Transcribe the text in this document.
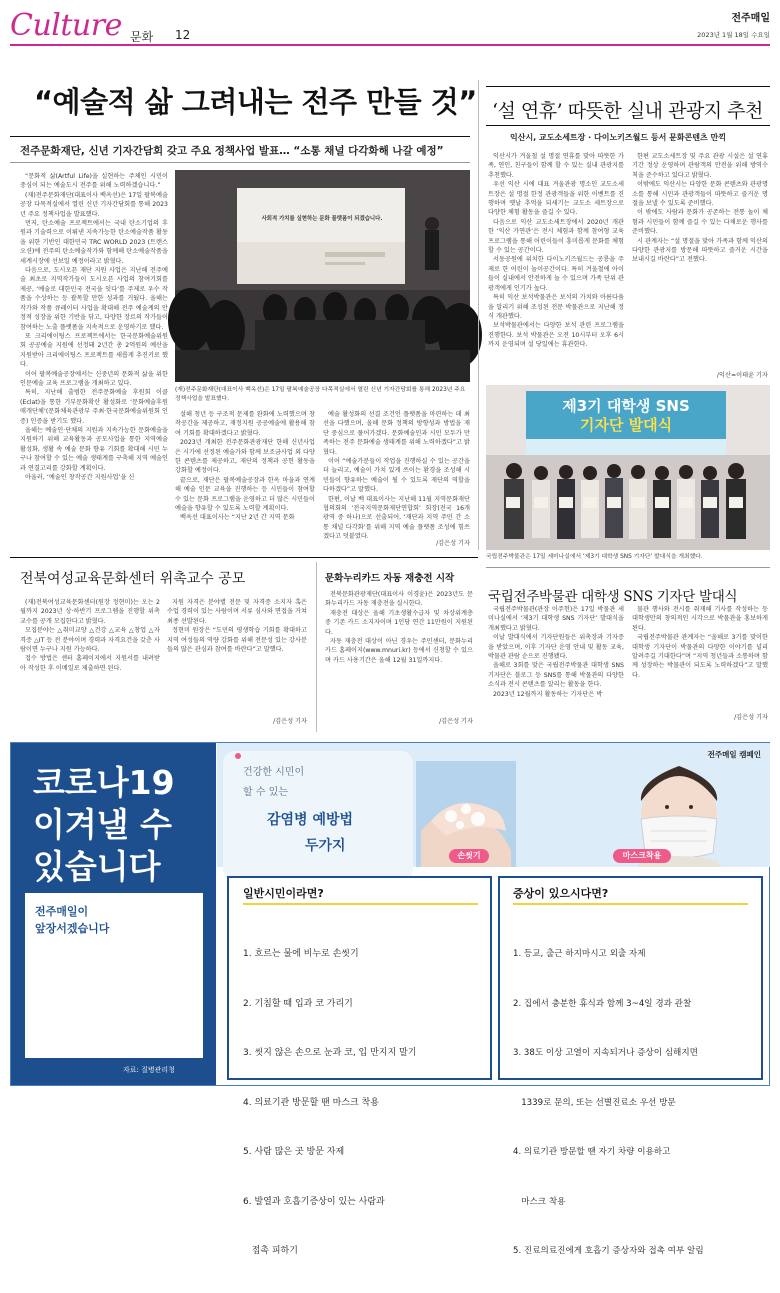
Culture 문화 12
전주매일
2023년 1월 18일 수요일
“예술적 삶 그려내는 전주 만들 것”
전주문화재단, 신년 기자간담회 갖고 주요 정책사업 발표… “소통 채널 다각화해 나갈 예정”

“문화적 삶(Artful Life)을 실현하는 주체인 시민이 중심이 되는 예술도시 전주를 위해 노력하겠습니다.”

(재)전주문화재단(대표이사 백옥선)은 17일 팔복예술공장 다목적실에서 열린 신년 기자간담회를 통해 2023년 주요 정책사업을 발표했다.

먼저, 탄소예술 프로젝트에서는 국내 탄소기업의 후원과 기술력으로 이뤄낸 지속가능한 탄소예술작품 활동을 위한 기반인 대한민국 TRC WORLD 2023 (트랜스 오션)에 전주의 탄소예술작가와 함께해 탄소예술작품을 세계시장에 선보일 예정이라고 밝혔다.

다음으로, 도시오픈 재단 지원 사업은 지난해 전주예술 최초로 지역작가들이 도시오픈 사업의 참여기회를 제공, ‘예술로 대한민국 전국을 잇다’를 주제로 우수 작품을 수상하는 등 괄목할 만한 성과를 거뒀다. 올해는 작가와 작품 큐레이터 사업을 확대해 전주 예술계의 안정적 성장을 위한 기반을 닦고, 다양한 장르의 작가들이 참여하는 노출 플랫폼을 지속적으로 운영하기로 했다.

또 크리에이팅스 프로젝트에서는 한국문화예술위원회 공공예술 지원에 선정돼 2년간 총 2억원의 예산을 지원받아 크리에이팅스 프로젝트를 새롭게 추진키로 했다.

이어 팔복예술공장에서는 신중년의 문화적 삶을 위한 인문예술 교육 프로그램을 개최하고 있다.

특히, 지난해 출범한 전주문화예술 후원회 이클 (Eclat)을 통한 기부문화확산 활성화로 ‘문화예술후원 매개단체’(문화체육관광부 주최·한국문화예술위원회 인증) 인증을 받기도 했다.

올해는 예술인·단체의 지원과 지속가능한 문화예술을 지원하기 위해 교육활동과 공모사업을 통한 지역예술 활성화, 생활 속 예술 문화 향유 기회를 확대해 시민 누구나 참여할 수 있는 예술 생태계를 구축해 지역 예술인과 연결고리를 강화할 계획이다.

아울러, ‘예술인 창작공간 지원사업’을 신

사회적 가치를 실현하는 문화 플랫폼이 되겠습니다.
(재)전주문화재단(대표이사 백옥선)은 17일 팔복예술공장 다목적실에서 열린 신년 기자간담회를 통해 2023년 주요 정책사업을 발표했다.

설해 청년 등 구조적 문제를 완화에 노력했으며 창작공간을 제공하고, 재정지원 공공예술에 활용해 참여 기회를 확대하겠다고 밝혔다.

2023년 개최한 전주문화관광재단 한해 신년사업은 시가에 선정된 예술가와 함께 보조금사업 외 다양한 콘텐츠를 제공하고, 재단의 정책과 공헌 활동을 강화할 예정이다.

끝으로, 재단은 팔복예술공장과 한옥 마을과 연계해 예술 인문 교육을 진행하는 등 시민들이 참여할 수 있는 문화 프로그램을 운영하고 더 많은 시민들이 예술을 향유할 수 있도록 노력할 계획이다.

백옥선 대표이사는 “지난 2년 간 지역 문화

예술 활성화의 선결 조건인 플랫폼을 마련하는 데 최선을 다했으며, 올해 문화 정책의 방향성과 방법을 재단 중심으로 풀어가겠다. 문화예술인과 시민 모두가 만족하는 전주 문화예술 생태계를 위해 노력하겠다”고 밝혔다.

이어 “예술가분들이 작업을 진행하실 수 있는 공간을 더 늘리고, 예술이 가치 있게 쓰이는 환경을 조성해 시민들이 향유하는 예술이 될 수 있도록 재단의 역할을 다하겠다”고 말했다.

한편, 이날 백 대표이사는 지난해 11월 지역문화재단 협의회의 ‘전국지역문화재단연합회’ 회장(전국 16개 광역 중 하나)으로 선출되어, ‘재단과 지역 주민 간 소통 채널 다각화’를 위해 지역 예술 플랫폼 조성에 힘쓰겠다고 덧붙였다.

/김은성 기자
‘설 연휴’ 따뜻한 실내 관광지 추천
익산시, 교도소세트장 · 다이노키즈월드 등서 문화콘텐츠 만끽

익산시가 겨울철 설 명절 연휴를 맞아 따뜻한 가족, 연인, 친구들이 함께 할 수 있는 실내 관광지를 추천했다.

우선 익산 시에 대표 겨울관광 명소인 교도소세트장은 설 명절 한정 관광객들을 위한 이벤트를 진행하며 옛날 추억을 되새기는 교도소 세트장으로 다양한 체험 활동을 즐길 수 있다.

다음으로 익산 교도소세트장에서 2020년 개관한 ‘익산 가연관’은 전시 체험과 함께 참여형 교육 프로그램을 통해 어린이들이 흥미롭게 문화를 체험할 수 있는 공간이다.

서동공원에 위치한 다이노키즈월드는 공룡을 주제로 한 어린이 놀이공간이다. 특히 겨울철에 아이들이 실내에서 안전하게 놀 수 있으며 가족 단위 관광객에게 인기가 높다.

특히 익산 보석박물관은 보석의 가치와 아름다움을 알리기 위해 조성된 전문 박물관으로 지난해 정식 개관했다.

보석박물관에서는 다양한 보석 관련 프로그램을 진행한다. 보석 박물관은 오전 10시부터 오후 6시까지 운영되며 설 당일에는 휴관한다.

한편 교도소세트장 및 주요 관광 시설은 설 연휴 기간 정상 운영하며 관람객의 안전을 위해 방역수칙을 준수하고 있다고 밝혔다.

이밖에도 익산시는 다양한 문화 콘텐츠와 관광명소를 통해 시민과 관광객들이 따뜻하고 즐거운 명절을 보낼 수 있도록 준비했다.

이 밖에도 사람과 문화가 공존하는 전통 놀이 체험과 시민들이 함께 즐길 수 있는 다채로운 행사를 준비했다.

시 관계자는 “설 명절을 맞아 가족과 함께 익산의 다양한 관광지를 방문해 따뜻하고 즐거운 시간을 보내시길 바란다”고 전했다.

/익산=이태윤 기자
제3기 대학생 SNS
기자단 발대식
국립전주박물관은 17일 세미나실에서 ‘제3기 대학생 SNS 기자단’ 발대식을 개최했다.
국립전주박물관 대학생 SNS 기자단 발대식

국립전주박물관(관장 이주헌)은 17일 박물관 세미나실에서 ‘제3기 대학생 SNS 기자단’ 발대식을 개최했다고 밝혔다.

이날 발대식에서 기자단원들은 위촉장과 기자증을 받았으며, 이후 기자단 운영 안내 및 활동 교육, 박물관 관람 순으로 진행됐다.

올해로 3회를 맞은 국립전주박물관 대학생 SNS 기자단은 블로그 등 SNS를 통해 박물관의 다양한 소식과 전시 콘텐츠를 알리는 활동을 한다.

2023년 12월까지 활동하는 기자단은 박

물관 행사와 전시를 취재해 기사를 작성하는 등 대학생만의 창의적인 시각으로 박물관을 홍보하게 된다.

국립전주박물관 관계자는 “올해로 3기를 맞이한 대학생 기자단이 박물관의 다양한 이야기를 널리 알려주길 기대한다”며 “지역 청년들과 소통하며 함께 성장하는 박물관이 되도록 노력하겠다”고 말했다.

/김은성 기자
전북여성교육문화센터 위촉교수 공모

(재)전북여성교육문화센터(원장 정현미)는 오는 2월까지 2023년 상·하반기 프로그램을 진행할 위촉교수를 공개 모집한다고 밝혔다.

모집분야는 △취미교양 △건강 △교육 △창업 △자격증 △IT 등 전 분야이며 경력과 자격요건을 갖춘 사람이면 누구나 지원 가능하다.

접수 방법은 센터 홈페이지에서 지원서를 내려받아 작성한 후 이메일로 제출하면 된다.

지원 자격은 분야별 전문 및 자격증 소지자 혹은 수업 경력이 있는 사람이며 서류 심사와 면접을 거쳐 최종 선발된다.

정현미 원장은 “도민의 평생학습 기회를 확대하고 지역 여성들의 역량 강화를 위해 전문성 있는 강사분들의 많은 관심과 참여를 바란다”고 말했다.

/김은성 기자
문화누리카드 자동 재충전 시작

전북문화관광재단(대표이사 이경윤)은 2023년도 문화누리카드 자동 재충전을 실시한다.

재충전 대상은 올해 기초생활수급자 및 차상위계층 중 기존 카드 소지자이며 1인당 연간 11만원이 지원된다.

자동 재충전 대상이 아닌 경우는 주민센터, 문화누리카드 홈페이지(www.mnuri.kr) 등에서 신청할 수 있으며 카드 사용기간은 올해 12월 31일까지다.

/김은성 기자
코로나19
이겨낼 수
있습니다
전주매일이
앞장서겠습니다
자료: 질병관리청
건강한 시민이
할 수 있는
감염병 예방법
두가지
손씻기
전주매일 캠페인
마스크착용
일반시민이라면?

1. 흐르는 물에 비누로 손씻기

2. 기침할 때 입과 코 가리기

3. 씻지 않은 손으로 눈과 코, 입 만지지 말기

4. 의료기관 방문할 땐 마스크 착용

5. 사람 많은 곳 방문 자제

6. 발열과 호흡기증상이 있는 사람과

접촉 피하기

증상이 있으시다면?

1. 등교, 출근 하지마시고 외출 자제

2. 집에서 충분한 휴식과 함께 3~4일 경과 관찰

3. 38도 이상 고열이 지속되거나 증상이 심해지면

1339로 문의, 또는 선별진료소 우선 방문

4. 의료기관 방문할 땐 자기 차량 이용하고

마스크 착용

5. 진료의료진에게 호흡기 증상자와 접촉 여부 알림
